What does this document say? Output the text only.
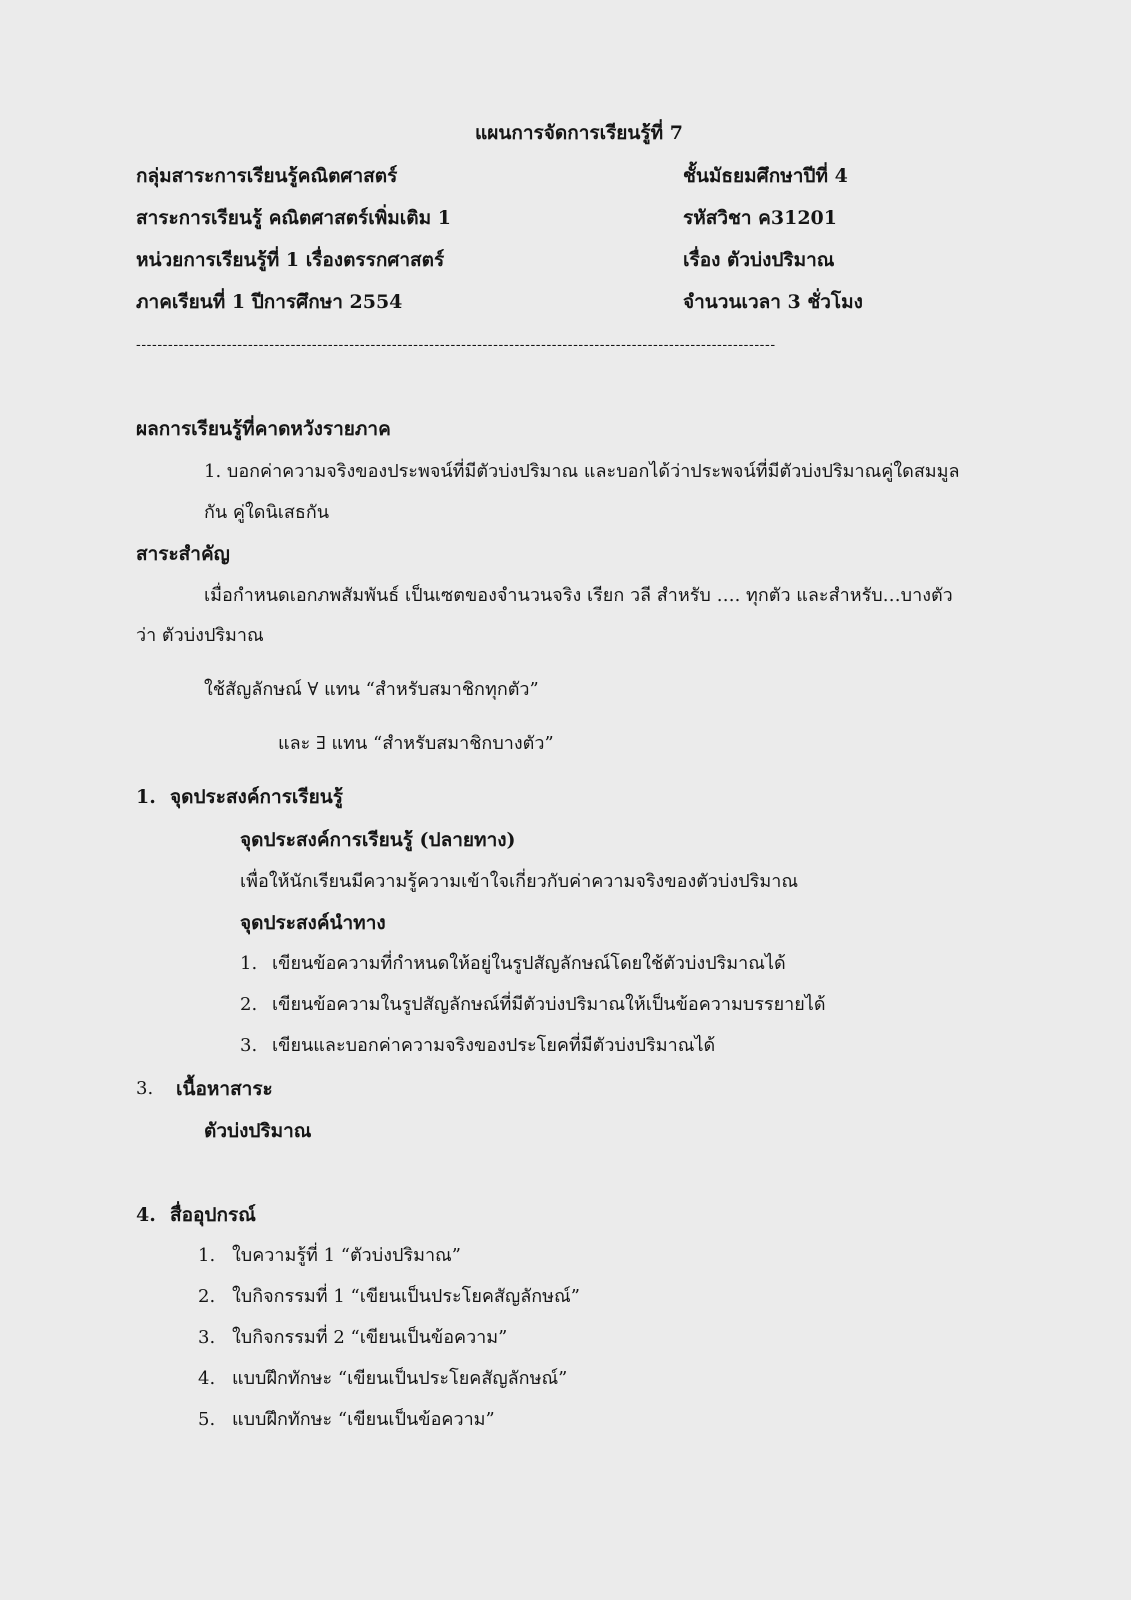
แผนการจัดการเรียนรู้ที่ 7
กลุ่มสาระการเรียนรู้คณิตศาสตร์
สาระการเรียนรู้ คณิตศาสตร์เพิ่มเติม 1
หน่วยการเรียนรู้ที่ 1 เรื่องตรรกศาสตร์
ภาคเรียนที่ 1 ปีการศึกษา 2554
ชั้นมัธยมศึกษาปีที่ 4
รหัสวิชา ค31201
เรื่อง ตัวบ่งปริมาณ
จำนวนเวลา 3 ชั่วโมง
------------------------------------------------------------------------------------------------------------------------
ผลการเรียนรู้ที่คาดหวังรายภาค
1. บอกค่าความจริงของประพจน์ที่มีตัวบ่งปริมาณ และบอกได้ว่าประพจน์ที่มีตัวบ่งปริมาณคู่ใดสมมูล
กัน คู่ใดนิเสธกัน
สาระสำคัญ
เมื่อกำหนดเอกภพสัมพันธ์ เป็นเซตของจำนวนจริง เรียก วลี สำหรับ …. ทุกตัว และสำหรับ…บางตัว
ว่า ตัวบ่งปริมาณ
ใช้สัญลักษณ์ ∀ แทน “สำหรับสมาชิกทุกตัว”
และ ∃ แทน “สำหรับสมาชิกบางตัว”
1. จุดประสงค์การเรียนรู้
จุดประสงค์การเรียนรู้ (ปลายทาง)
เพื่อให้นักเรียนมีความรู้ความเข้าใจเกี่ยวกับค่าความจริงของตัวบ่งปริมาณ
จุดประสงค์นำทาง
1. เขียนข้อความที่กำหนดให้อยู่ในรูปสัญลักษณ์โดยใช้ตัวบ่งปริมาณได้
2. เขียนข้อความในรูปสัญลักษณ์ที่มีตัวบ่งปริมาณให้เป็นข้อความบรรยายได้
3. เขียนและบอกค่าความจริงของประโยคที่มีตัวบ่งปริมาณได้
3. เนื้อหาสาระ
ตัวบ่งปริมาณ
4. สื่ออุปกรณ์
1. ใบความรู้ที่ 1 “ตัวบ่งปริมาณ”
2. ใบกิจกรรมที่ 1 “เขียนเป็นประโยคสัญลักษณ์”
3. ใบกิจกรรมที่ 2 “เขียนเป็นข้อความ”
4. แบบฝึกทักษะ “เขียนเป็นประโยคสัญลักษณ์”
5. แบบฝึกทักษะ “เขียนเป็นข้อความ”
